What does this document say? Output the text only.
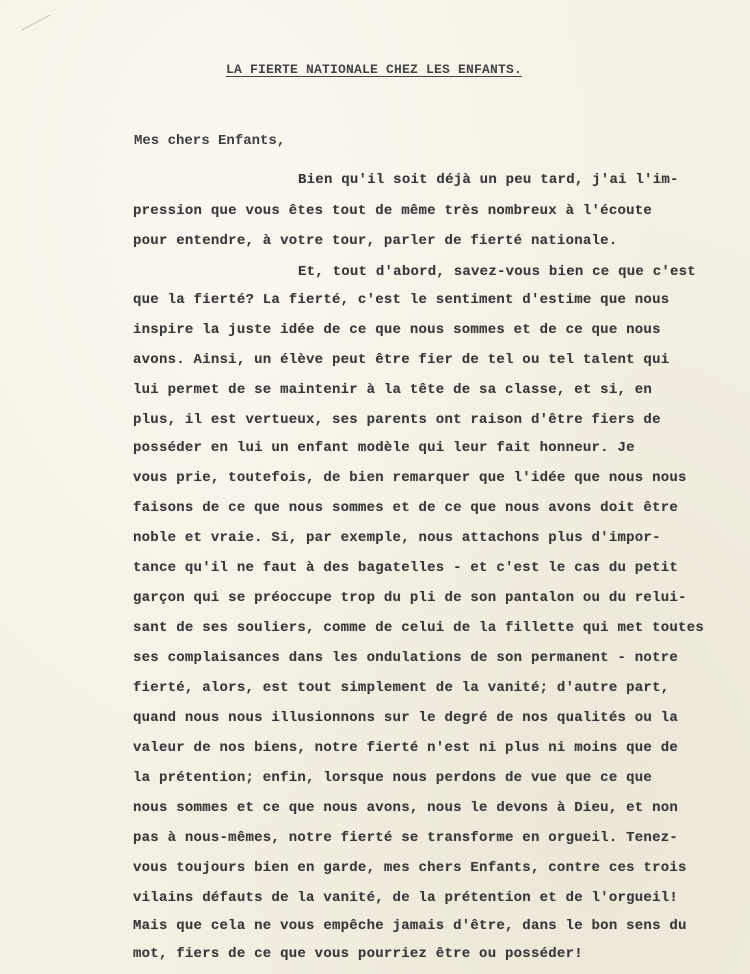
LA FIERTE NATIONALE CHEZ LES ENFANTS.
Mes chers Enfants,
Bien qu'il soit déjà un peu tard, j'ai l'im-
pression que vous êtes tout de même très nombreux à l'écoute
pour entendre, à votre tour, parler de fierté nationale.
Et, tout d'abord, savez-vous bien ce que c'est
que la fierté? La fierté, c'est le sentiment d'estime que nous
inspire la juste idée de ce que nous sommes et de ce que nous
avons. Ainsi, un élève peut être fier de tel ou tel talent qui
lui permet de se maintenir à la tête de sa classe, et si, en
plus, il est vertueux, ses parents ont raison d'être fiers de
posséder en lui un enfant modèle qui leur fait honneur. Je
vous prie, toutefois, de bien remarquer que l'idée que nous nous
faisons de ce que nous sommes et de ce que nous avons doit être
noble et vraie. Si, par exemple, nous attachons plus d'impor-
tance qu'il ne faut à des bagatelles - et c'est le cas du petit
garçon qui se préoccupe trop du pli de son pantalon ou du relui-
sant de ses souliers, comme de celui de la fillette qui met toutes
ses complaisances dans les ondulations de son permanent - notre
fierté, alors, est tout simplement de la vanité; d'autre part,
quand nous nous illusionnons sur le degré de nos qualités ou la
valeur de nos biens, notre fierté n'est ni plus ni moins que de
la prétention; enfin, lorsque nous perdons de vue que ce que
nous sommes et ce que nous avons, nous le devons à Dieu, et non
pas à nous-mêmes, notre fierté se transforme en orgueil. Tenez-
vous toujours bien en garde, mes chers Enfants, contre ces trois
vilains défauts de la vanité, de la prétention et de l'orgueil!
Mais que cela ne vous empêche jamais d'être, dans le bon sens du
mot, fiers de ce que vous pourriez être ou posséder!
